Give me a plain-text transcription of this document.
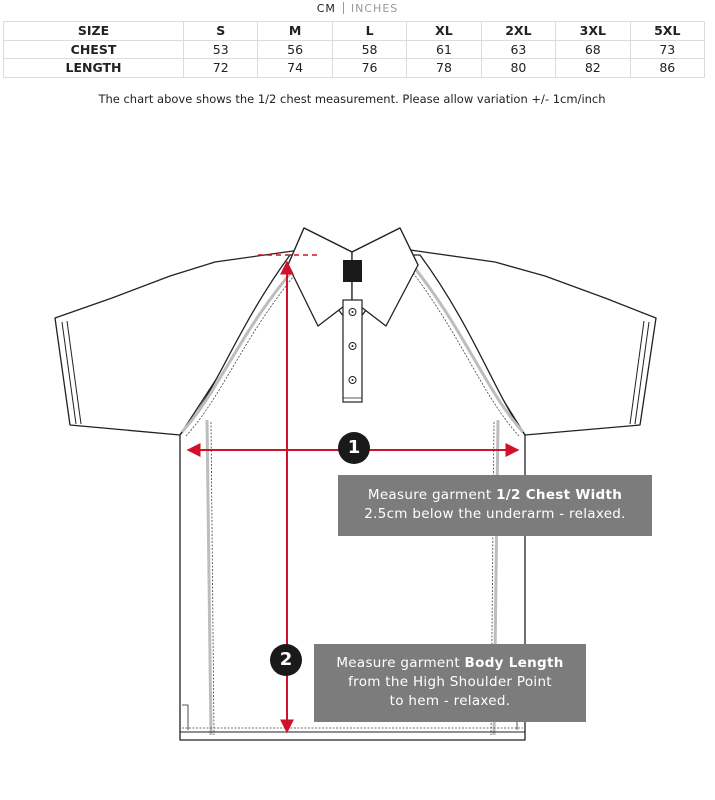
CM INCHES
SIZE	S	M	L	XL	2XL	3XL	5XL
CHEST	53	56	58	61	63	68	73
LENGTH	72	74	76	78	80	82	86
The chart above shows the 1/2 chest measurement. Please allow variation +/- 1cm/inch
1
Measure garment 1/2 Chest Width
2.5cm below the underarm - relaxed.
2	Measure garment Body Length
from the High Shoulder Point
to hem - relaxed.
